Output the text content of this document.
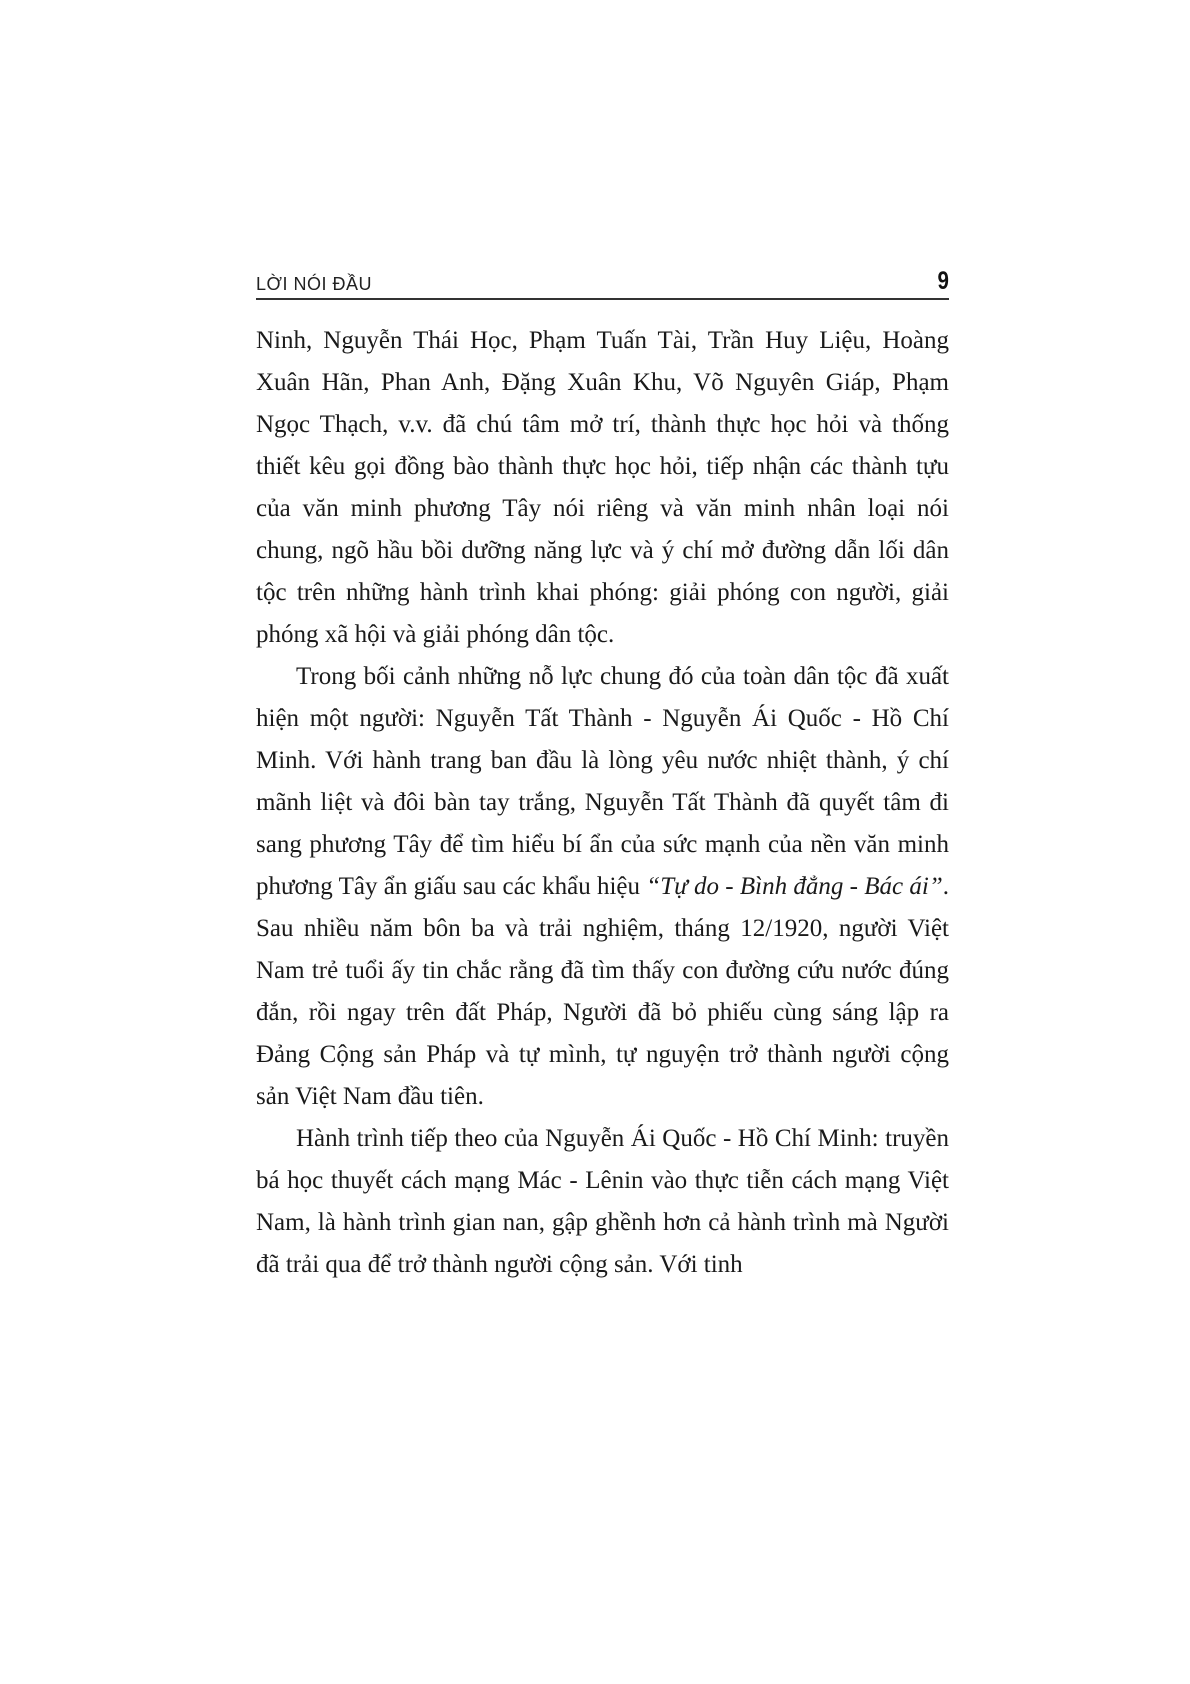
LỜI NÓI ĐẦU	9

Ninh, Nguyễn Thái Học, Phạm Tuấn Tài, Trần Huy Liệu, Hoàng Xuân Hãn, Phan Anh, Đặng Xuân Khu, Võ Nguyên Giáp, Phạm Ngọc Thạch, v.v. đã chú tâm mở trí, thành thực học hỏi và thống thiết kêu gọi đồng bào thành thực học hỏi, tiếp nhận các thành tựu của văn minh phương Tây nói riêng và văn minh nhân loại nói chung, ngõ hầu bồi dưỡng năng lực và ý chí mở đường dẫn lối dân tộc trên những hành trình khai phóng: giải phóng con người, giải phóng xã hội và giải phóng dân tộc.

Trong bối cảnh những nỗ lực chung đó của toàn dân tộc đã xuất hiện một người: Nguyễn Tất Thành - Nguyễn Ái Quốc - Hồ Chí Minh. Với hành trang ban đầu là lòng yêu nước nhiệt thành, ý chí mãnh liệt và đôi bàn tay trắng, Nguyễn Tất Thành đã quyết tâm đi sang phương Tây để tìm hiểu bí ẩn của sức mạnh của nền văn minh phương Tây ẩn giấu sau các khẩu hiệu “Tự do - Bình đẳng - Bác ái”. Sau nhiều năm bôn ba và trải nghiệm, tháng 12/1920, người Việt Nam trẻ tuổi ấy tin chắc rằng đã tìm thấy con đường cứu nước đúng đắn, rồi ngay trên đất Pháp, Người đã bỏ phiếu cùng sáng lập ra Đảng Cộng sản Pháp và tự mình, tự nguyện trở thành người cộng sản Việt Nam đầu tiên.

Hành trình tiếp theo của Nguyễn Ái Quốc - Hồ Chí Minh: truyền bá học thuyết cách mạng Mác - Lênin vào thực tiễn cách mạng Việt Nam, là hành trình gian nan, gập ghềnh hơn cả hành trình mà Người đã trải qua để trở thành người cộng sản. Với tinh
